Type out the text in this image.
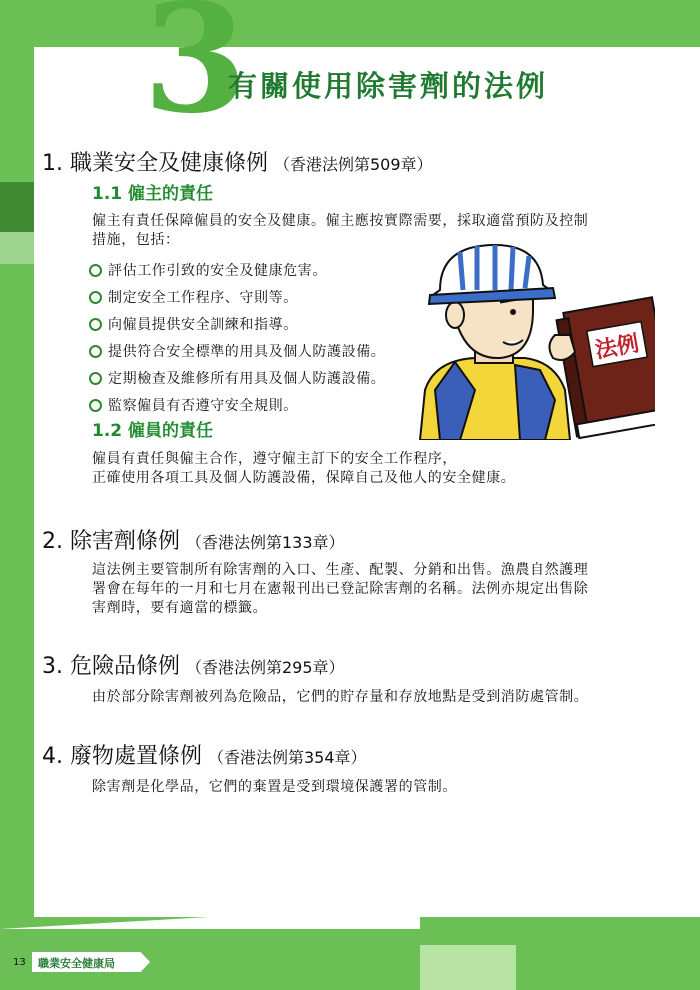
3
有關使用除害劑的法例
1. 職業安全及健康條例 （香港法例第509章）
1.1 僱主的責任
僱主有責任保障僱員的安全及健康。僱主應按實際需要，採取適當預防及控制
措施，包括：
評估工作引致的安全及健康危害。
制定安全工作程序、守則等。
向僱員提供安全訓練和指導。
提供符合安全標準的用具及個人防護設備。
定期檢查及維修所有用具及個人防護設備。
監察僱員有否遵守安全規則。
法例
1.2 僱員的責任
僱員有責任與僱主合作，遵守僱主訂下的安全工作程序，
正確使用各項工具及個人防護設備，保障自己及他人的安全健康。
2. 除害劑條例 （香港法例第133章）
這法例主要管制所有除害劑的入口、生產、配製、分銷和出售。漁農自然護理
署會在每年的一月和七月在憲報刊出已登記除害劑的名稱。法例亦規定出售除
害劑時，要有適當的標籤。
3. 危險品條例 （香港法例第295章）
由於部分除害劑被列為危險品，它們的貯存量和存放地點是受到消防處管制。
4. 廢物處置條例 （香港法例第354章）
除害劑是化學品，它們的棄置是受到環境保護署的管制。
13 職業安全健康局
